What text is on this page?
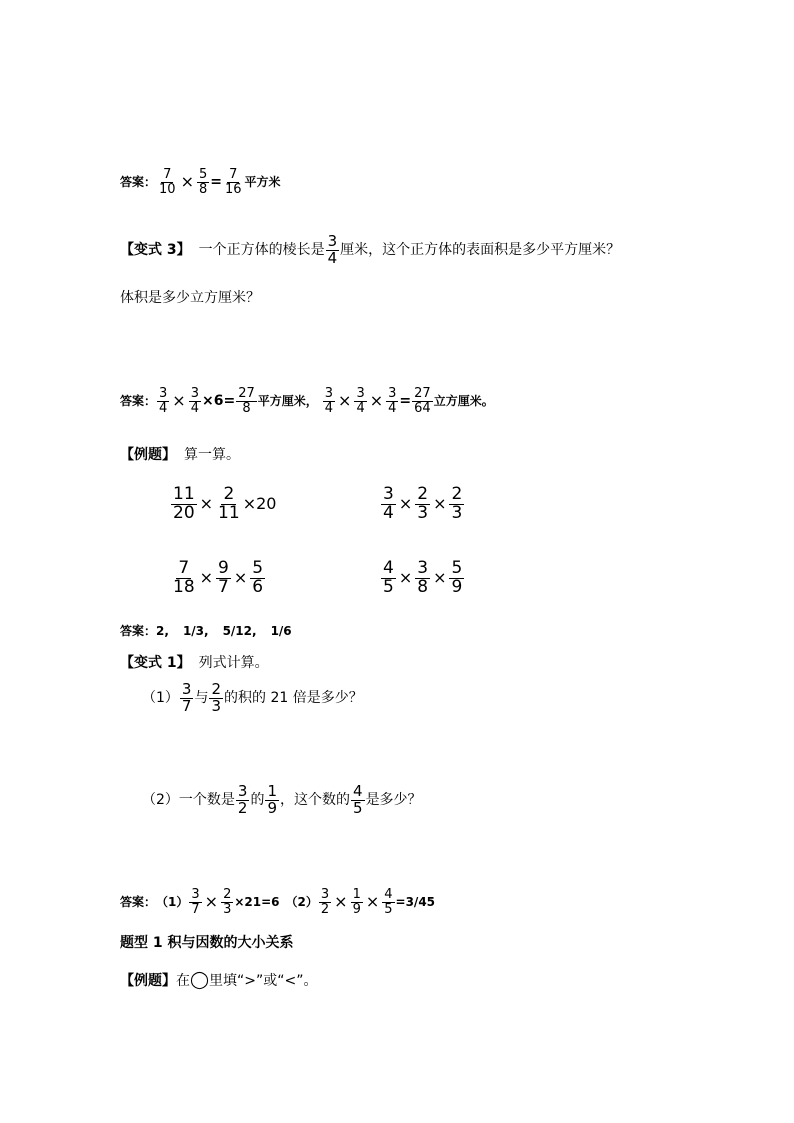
答案： $\frac{7}{10} \times \frac{5}{8} = \frac{7}{16}$ 平方米
【变式 3】 一个正方体的棱长是 $\frac{3}{4}$ 厘米，这个正方体的表面积是多少平方厘米？
体积是多少立方厘米？
答案： $\frac{3}{4} \times \frac{3}{4} \times 6= \frac{27}{8}$ 平方厘米， $\frac{3}{4} \times \frac{3}{4} \times \frac{3}{4} = \frac{27}{64}$ 立方厘米。
【例题】 算一算。
$\frac{11}{20} \times \frac{2}{11} \times 20$	$\frac{3}{4} \times \frac{2}{3} \times \frac{2}{3}$
$\frac{7}{18} \times \frac{9}{7} \times \frac{5}{6}$	$\frac{4}{5} \times \frac{3}{8} \times \frac{5}{9}$
答案： 2, 1/3, 5/12, 1/6
【变式 1】 列式计算。
$(1) \frac{3}{7}$ 与 $\frac{2}{3}$ 的积的 21 倍是多少？
（2） 一个数是 $\frac{3}{2}$ 的 $\frac{1}{9}$ ，这个数的 $\frac{4}{5}$ 是多少？
答案： $(1) \frac{3}{7} \times \frac{2}{3} \times 21=6$ $(2) \frac{3}{2} \times \frac{1}{9} \times \frac{4}{5} =3/45$
题型 1 积与因数的大小关系
【例题】 在 ◯ 里填“>”或“<”。
